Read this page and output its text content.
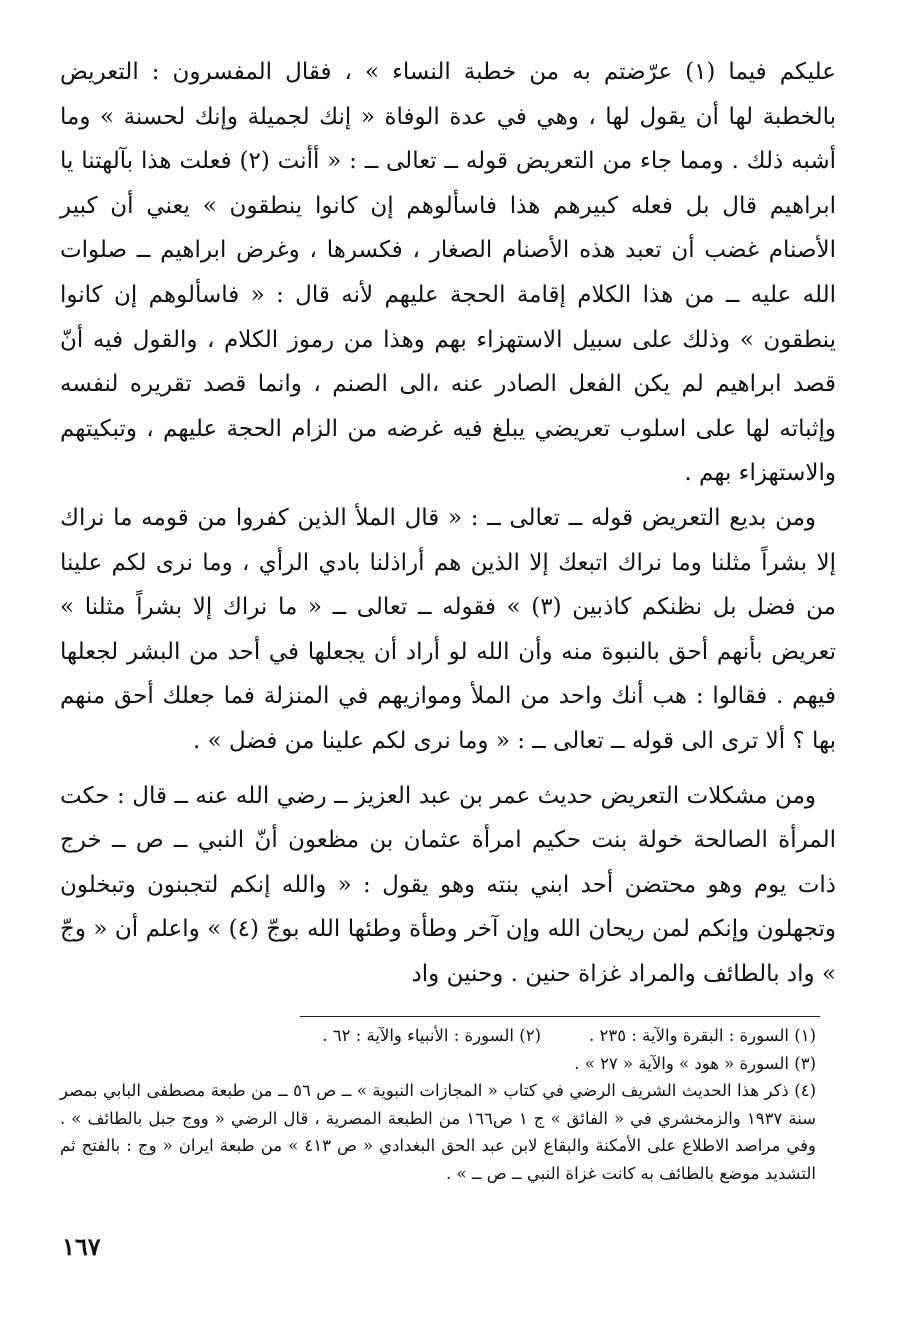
عليكم فيما (١) عرّضتم به من خطبة النساء » ، فقال المفسرون : التعريض بالخطبة لها أن يقول لها ، وهي في عدة الوفاة « إنك لجميلة وإنك لحسنة » وما أشبه ذلك . ومما جاء من التعريض قوله ــ تعالى ــ : « أأنت (٢) فعلت هذا بآلهتنا يا ابراهيم قال بل فعله كبيرهم هذا فاسألوهم إن كانوا ينطقون » يعني أن كبير الأصنام غضب أن تعبد هذه الأصنام الصغار ، فكسرها ، وغرض ابراهيم ــ صلوات الله عليه ــ من هذا الكلام إقامة الحجة عليهم لأنه قال : « فاسألوهم إن كانوا ينطقون » وذلك على سبيل الاستهزاء بهم وهذا من رموز الكلام ، والقول فيه أنّ قصد ابراهيم لم يكن الفعل الصادر عنه ،الى الصنم ، وانما قصد تقريره لنفسه وإثباته لها على اسلوب تعريضي يبلغ فيه غرضه من الزام الحجة عليهم ، وتبكيتهم والاستهزاء بهم .

ومن بديع التعريض قوله ــ تعالى ــ : « قال الملأ الذين كفروا من قومه ما نراك إلا بشراً مثلنا وما نراك اتبعك إلا الذين هم أراذلنا بادي الرأي ، وما نرى لكم علينا من فضل بل نظنكم كاذبين (٣) » فقوله ــ تعالى ــ « ما نراك إلا بشراً مثلنا » تعريض بأنهم أحق بالنبوة منه وأن الله لو أراد أن يجعلها في أحد من البشر لجعلها فيهم . فقالوا : هب أنك واحد من الملأ وموازيهم في المنزلة فما جعلك أحق منهم بها ؟ ألا ترى الى قوله ــ تعالى ــ : « وما نرى لكم علينا من فضل » .

ومن مشكلات التعريض حديث عمر بن عبد العزيز ــ رضي الله عنه ــ قال : حكت المرأة الصالحة خولة بنت حكيم امرأة عثمان بن مظعون أنّ النبي ــ ص ــ خرج ذات يوم وهو محتضن أحد ابني بنته وهو يقول : « والله إنكم لتجبنون وتبخلون وتجهلون وإنكم لمن ريحان الله وإن آخر وطأة وطئها الله بوجّ (٤) » واعلم أن « وجّ » واد بالطائف والمراد غزاة حنين . وحنين واد

(١) السورة : البقرة والآية : ٢٣٥ .
(٢) السورة : الأنبياء والآية : ٦٢ .
(٣) السورة « هود » والآية « ٢٧ » .
(٤) ذكر هذا الحديث الشريف الرضي في كتاب « المجازات النبوية » ــ ص ٥٦ ــ من طبعة مصطفى البابي بمصر سنة ١٩٣٧ والزمخشري في « الفائق » ج ١ ص١٦٦ من الطبعة المصرية ، قال الرضي « ووج جبل بالطائف » . وفي مراصد الاطلاع على الأمكنة والبقاع لابن عبد الحق البغدادي « ص ٤١٣ » من طبعة ايران « وج : بالفتح ثم التشديد موضع بالطائف به كانت غزاة النبي ــ ص ــ » .
١٦٧
